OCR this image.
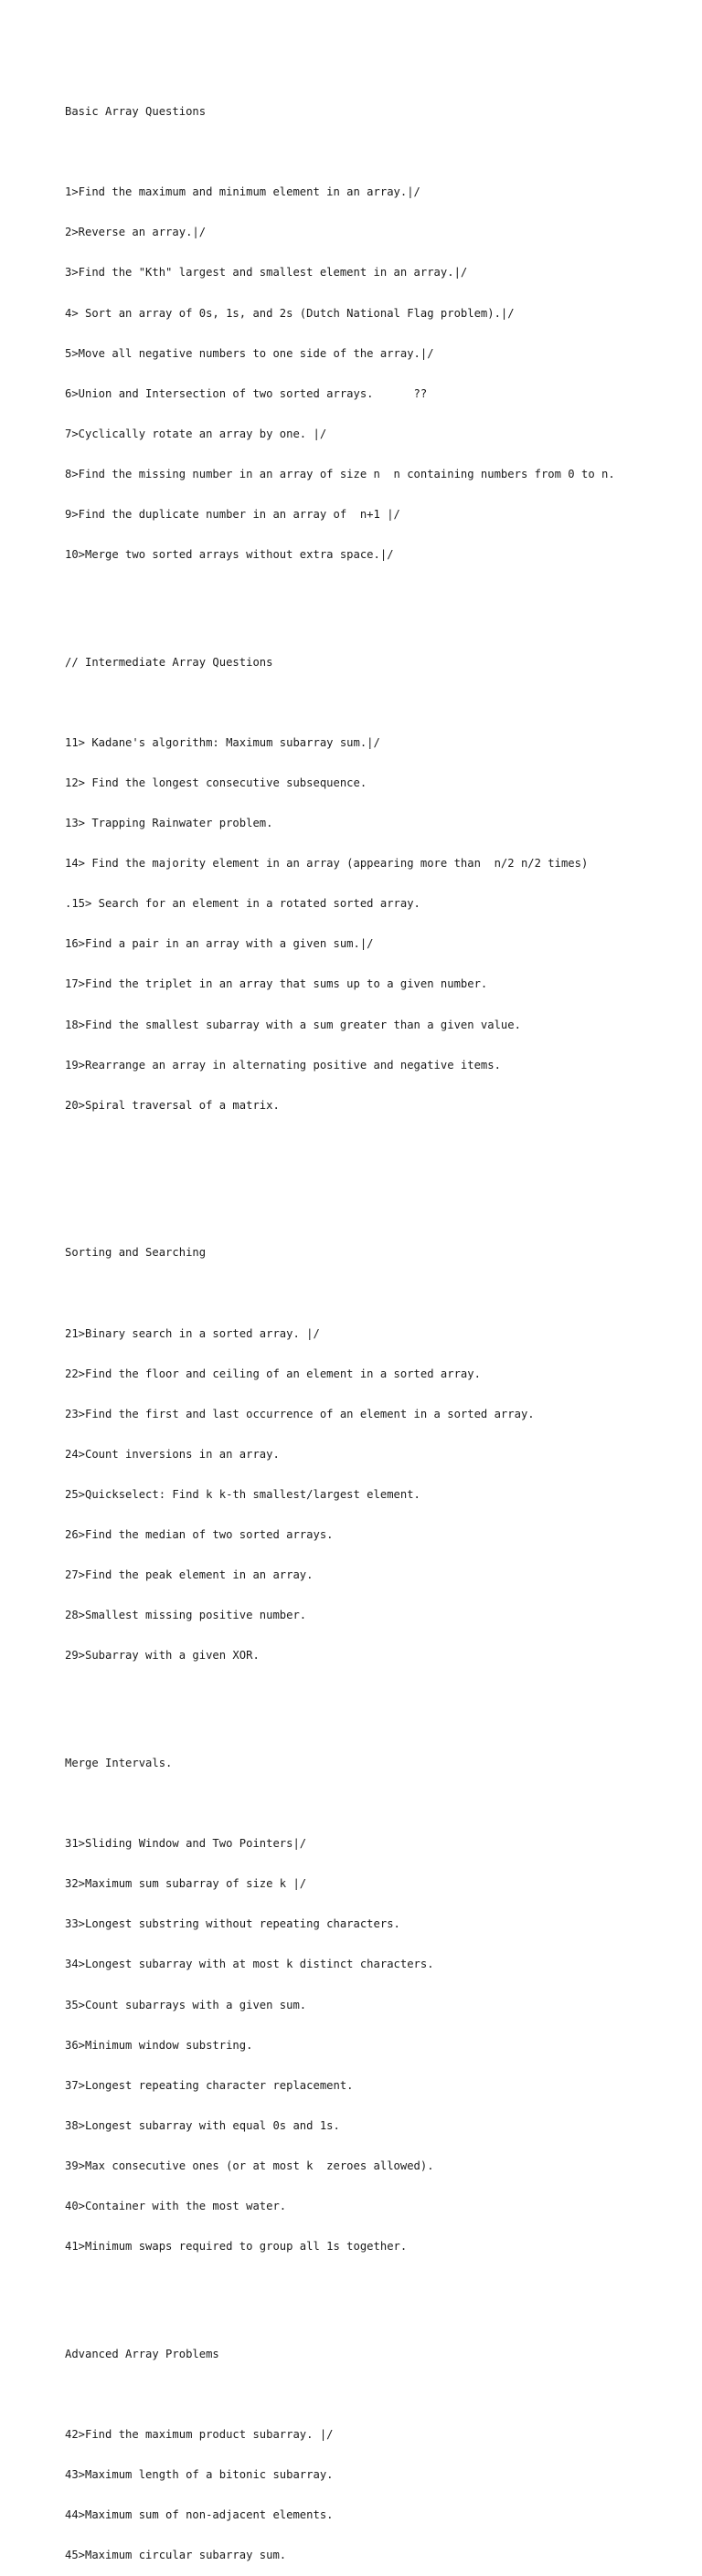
Basic Array Questions

1>Find the maximum and minimum element in an array.|/

2>Reverse an array.|/

3>Find the "Kth" largest and smallest element in an array.|/

4> Sort an array of 0s, 1s, and 2s (Dutch National Flag problem).|/

5>Move all negative numbers to one side of the array.|/

6>Union and Intersection of two sorted arrays.      ??

7>Cyclically rotate an array by one. |/

8>Find the missing number in an array of size n  n containing numbers from 0 to n.

9>Find the duplicate number in an array of  n+1 |/

10>Merge two sorted arrays without extra space.|/

// Intermediate Array Questions

11> Kadane's algorithm: Maximum subarray sum.|/

12> Find the longest consecutive subsequence.

13> Trapping Rainwater problem.

14> Find the majority element in an array (appearing more than  n/2 n/2 times)

.15> Search for an element in a rotated sorted array.

16>Find a pair in an array with a given sum.|/

17>Find the triplet in an array that sums up to a given number.

18>Find the smallest subarray with a sum greater than a given value.

19>Rearrange an array in alternating positive and negative items.

20>Spiral traversal of a matrix.

Sorting and Searching

21>Binary search in a sorted array. |/

22>Find the floor and ceiling of an element in a sorted array.

23>Find the first and last occurrence of an element in a sorted array.

24>Count inversions in an array.

25>Quickselect: Find k k-th smallest/largest element.

26>Find the median of two sorted arrays.

27>Find the peak element in an array.

28>Smallest missing positive number.

29>Subarray with a given XOR.

Merge Intervals.

31>Sliding Window and Two Pointers|/

32>Maximum sum subarray of size k |/

33>Longest substring without repeating characters.

34>Longest subarray with at most k distinct characters.

35>Count subarrays with a given sum.

36>Minimum window substring.

37>Longest repeating character replacement.

38>Longest subarray with equal 0s and 1s.

39>Max consecutive ones (or at most k  zeroes allowed).

40>Container with the most water.

41>Minimum swaps required to group all 1s together.

Advanced Array Problems

42>Find the maximum product subarray. |/

43>Maximum length of a bitonic subarray.

44>Maximum sum of non-adjacent elements.

45>Maximum circular subarray sum.
